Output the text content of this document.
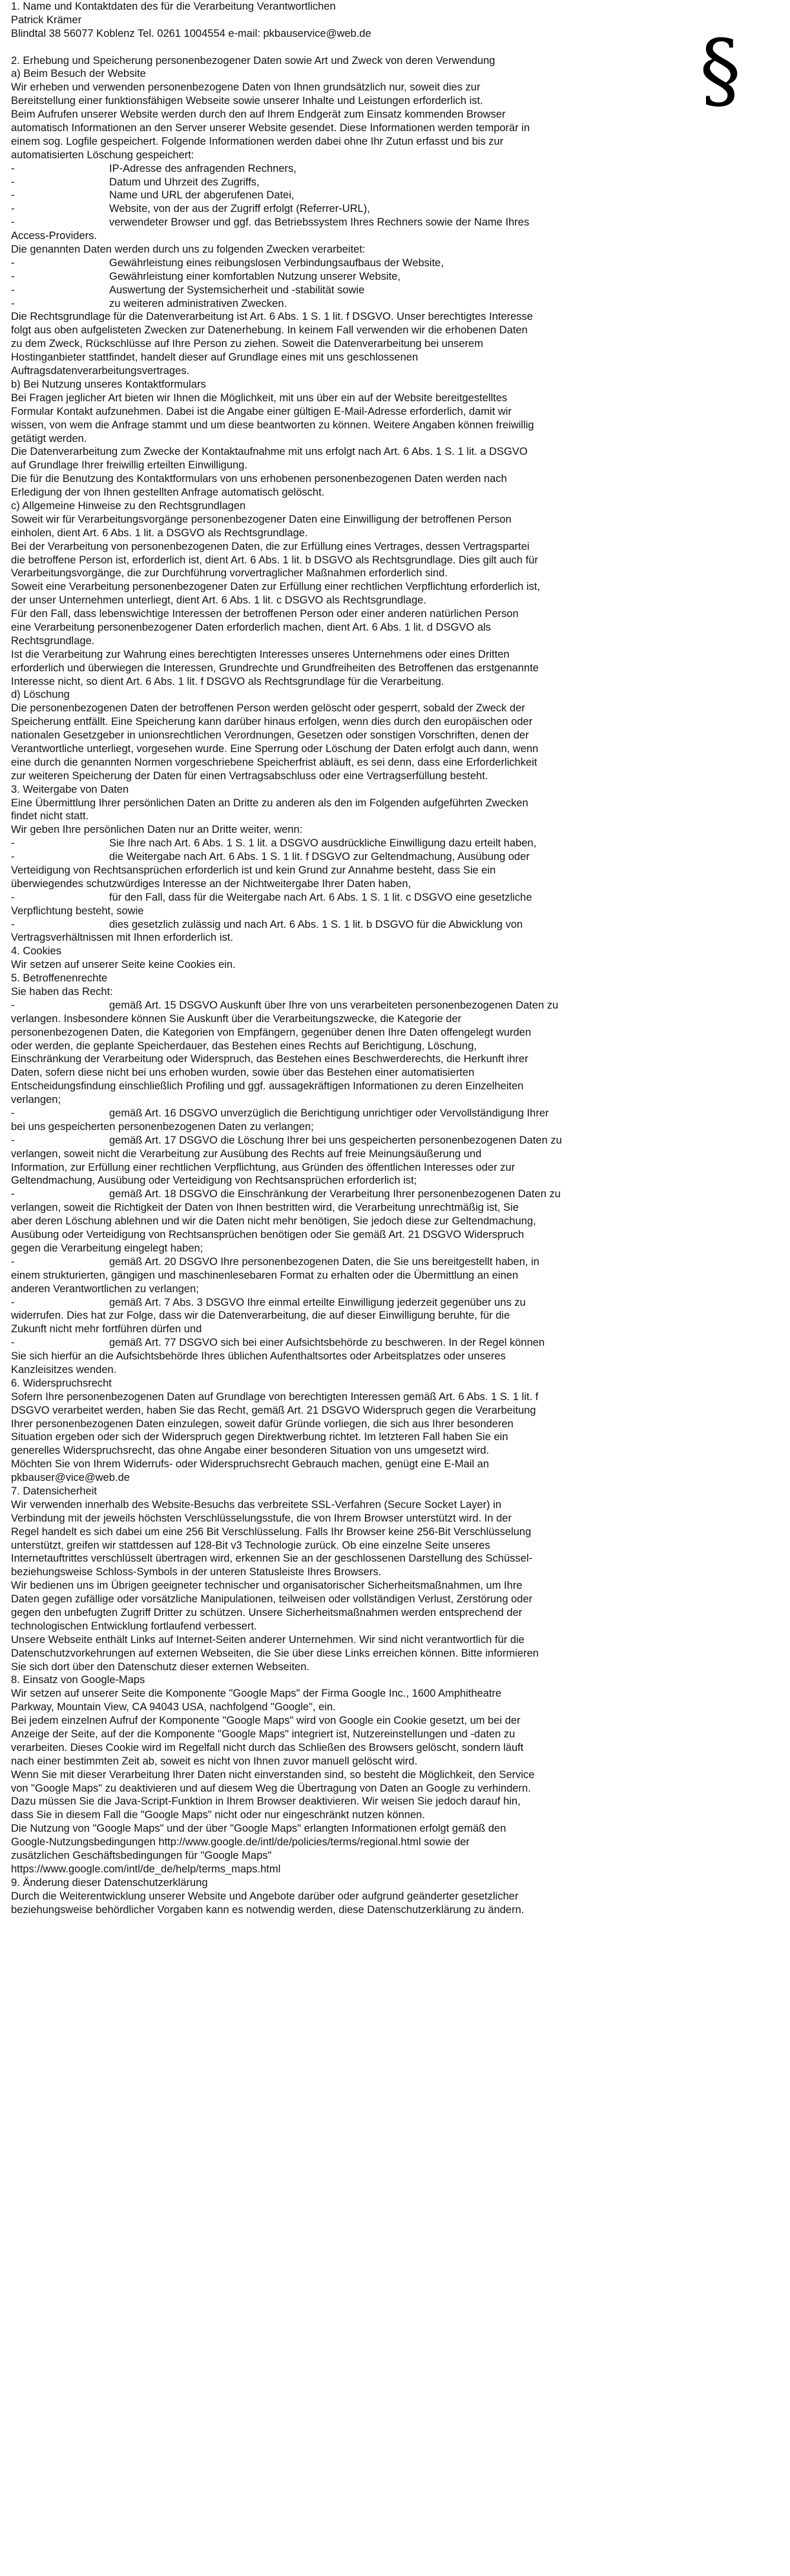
§
1. Name und Kontaktdaten des für die Verarbeitung Verantwortlichen
Patrick Krämer
Blindtal 38 56077 Koblenz Tel. 0261 1004554 e-mail: pkbauservice@web.de
2. Erhebung und Speicherung personenbezogener Daten sowie Art und Zweck von deren Verwendung
a) Beim Besuch der Website
Wir erheben und verwenden personenbezogene Daten von Ihnen grundsätzlich nur, soweit dies zur
Bereitstellung einer funktionsfähigen Webseite sowie unserer Inhalte und Leistungen erforderlich ist.
Beim Aufrufen unserer Website werden durch den auf Ihrem Endgerät zum Einsatz kommenden Browser
automatisch Informationen an den Server unserer Website gesendet. Diese Informationen werden temporär in
einem sog. Logfile gespeichert. Folgende Informationen werden dabei ohne Ihr Zutun erfasst und bis zur
automatisierten Löschung gespeichert:
-	IP-Adresse des anfragenden Rechners,
-	Datum und Uhrzeit des Zugriffs,
-	Name und URL der abgerufenen Datei,
-	Website, von der aus der Zugriff erfolgt (Referrer-URL),
-	verwendeter Browser und ggf. das Betriebssystem Ihres Rechners sowie der Name Ihres
Access-Providers.
Die genannten Daten werden durch uns zu folgenden Zwecken verarbeitet:
-	Gewährleistung eines reibungslosen Verbindungsaufbaus der Website,
-	Gewährleistung einer komfortablen Nutzung unserer Website,
-	Auswertung der Systemsicherheit und -stabilität sowie
-	zu weiteren administrativen Zwecken.
Die Rechtsgrundlage für die Datenverarbeitung ist Art. 6 Abs. 1 S. 1 lit. f DSGVO. Unser berechtigtes Interesse
folgt aus oben aufgelisteten Zwecken zur Datenerhebung. In keinem Fall verwenden wir die erhobenen Daten
zu dem Zweck, Rückschlüsse auf Ihre Person zu ziehen. Soweit die Datenverarbeitung bei unserem
Hostinganbieter stattfindet, handelt dieser auf Grundlage eines mit uns geschlossenen
Auftragsdatenverarbeitungsvertrages.
b) Bei Nutzung unseres Kontaktformulars
Bei Fragen jeglicher Art bieten wir Ihnen die Möglichkeit, mit uns über ein auf der Website bereitgestelltes
Formular Kontakt aufzunehmen. Dabei ist die Angabe einer gültigen E-Mail-Adresse erforderlich, damit wir
wissen, von wem die Anfrage stammt und um diese beantworten zu können. Weitere Angaben können freiwillig
getätigt werden.
Die Datenverarbeitung zum Zwecke der Kontaktaufnahme mit uns erfolgt nach Art. 6 Abs. 1 S. 1 lit. a DSGVO
auf Grundlage Ihrer freiwillig erteilten Einwilligung.
Die für die Benutzung des Kontaktformulars von uns erhobenen personenbezogenen Daten werden nach
Erledigung der von Ihnen gestellten Anfrage automatisch gelöscht.
c) Allgemeine Hinweise zu den Rechtsgrundlagen
Soweit wir für Verarbeitungsvorgänge personenbezogener Daten eine Einwilligung der betroffenen Person
einholen, dient Art. 6 Abs. 1 lit. a DSGVO als Rechtsgrundlage.
Bei der Verarbeitung von personenbezogenen Daten, die zur Erfüllung eines Vertrages, dessen Vertragspartei
die betroffene Person ist, erforderlich ist, dient Art. 6 Abs. 1 lit. b DSGVO als Rechtsgrundlage. Dies gilt auch für
Verarbeitungsvorgänge, die zur Durchführung vorvertraglicher Maßnahmen erforderlich sind.
Soweit eine Verarbeitung personenbezogener Daten zur Erfüllung einer rechtlichen Verpflichtung erforderlich ist,
der unser Unternehmen unterliegt, dient Art. 6 Abs. 1 lit. c DSGVO als Rechtsgrundlage.
Für den Fall, dass lebenswichtige Interessen der betroffenen Person oder einer anderen natürlichen Person
eine Verarbeitung personenbezogener Daten erforderlich machen, dient Art. 6 Abs. 1 lit. d DSGVO als
Rechtsgrundlage.
Ist die Verarbeitung zur Wahrung eines berechtigten Interesses unseres Unternehmens oder eines Dritten
erforderlich und überwiegen die Interessen, Grundrechte und Grundfreiheiten des Betroffenen das erstgenannte
Interesse nicht, so dient Art. 6 Abs. 1 lit. f DSGVO als Rechtsgrundlage für die Verarbeitung.
d) Löschung
Die personenbezogenen Daten der betroffenen Person werden gelöscht oder gesperrt, sobald der Zweck der
Speicherung entfällt. Eine Speicherung kann darüber hinaus erfolgen, wenn dies durch den europäischen oder
nationalen Gesetzgeber in unionsrechtlichen Verordnungen, Gesetzen oder sonstigen Vorschriften, denen der
Verantwortliche unterliegt, vorgesehen wurde. Eine Sperrung oder Löschung der Daten erfolgt auch dann, wenn
eine durch die genannten Normen vorgeschriebene Speicherfrist abläuft, es sei denn, dass eine Erforderlichkeit
zur weiteren Speicherung der Daten für einen Vertragsabschluss oder eine Vertragserfüllung besteht.
3. Weitergabe von Daten
Eine Übermittlung Ihrer persönlichen Daten an Dritte zu anderen als den im Folgenden aufgeführten Zwecken
findet nicht statt.
Wir geben Ihre persönlichen Daten nur an Dritte weiter, wenn:
-	Sie Ihre nach Art. 6 Abs. 1 S. 1 lit. a DSGVO ausdrückliche Einwilligung dazu erteilt haben,
-	die Weitergabe nach Art. 6 Abs. 1 S. 1 lit. f DSGVO zur Geltendmachung, Ausübung oder
Verteidigung von Rechtsansprüchen erforderlich ist und kein Grund zur Annahme besteht, dass Sie ein
überwiegendes schutzwürdiges Interesse an der Nichtweitergabe Ihrer Daten haben,
-	für den Fall, dass für die Weitergabe nach Art. 6 Abs. 1 S. 1 lit. c DSGVO eine gesetzliche
Verpflichtung besteht, sowie
-	dies gesetzlich zulässig und nach Art. 6 Abs. 1 S. 1 lit. b DSGVO für die Abwicklung von
Vertragsverhältnissen mit Ihnen erforderlich ist.
4. Cookies
Wir setzen auf unserer Seite keine Cookies ein.
5. Betroffenenrechte
Sie haben das Recht:
-	gemäß Art. 15 DSGVO Auskunft über Ihre von uns verarbeiteten personenbezogenen Daten zu
verlangen. Insbesondere können Sie Auskunft über die Verarbeitungszwecke, die Kategorie der
personenbezogenen Daten, die Kategorien von Empfängern, gegenüber denen Ihre Daten offengelegt wurden
oder werden, die geplante Speicherdauer, das Bestehen eines Rechts auf Berichtigung, Löschung,
Einschränkung der Verarbeitung oder Widerspruch, das Bestehen eines Beschwerderechts, die Herkunft ihrer
Daten, sofern diese nicht bei uns erhoben wurden, sowie über das Bestehen einer automatisierten
Entscheidungsfindung einschließlich Profiling und ggf. aussagekräftigen Informationen zu deren Einzelheiten
verlangen;
-	gemäß Art. 16 DSGVO unverzüglich die Berichtigung unrichtiger oder Vervollständigung Ihrer
bei uns gespeicherten personenbezogenen Daten zu verlangen;
-	gemäß Art. 17 DSGVO die Löschung Ihrer bei uns gespeicherten personenbezogenen Daten zu
verlangen, soweit nicht die Verarbeitung zur Ausübung des Rechts auf freie Meinungsäußerung und
Information, zur Erfüllung einer rechtlichen Verpflichtung, aus Gründen des öffentlichen Interesses oder zur
Geltendmachung, Ausübung oder Verteidigung von Rechtsansprüchen erforderlich ist;
-	gemäß Art. 18 DSGVO die Einschränkung der Verarbeitung Ihrer personenbezogenen Daten zu
verlangen, soweit die Richtigkeit der Daten von Ihnen bestritten wird, die Verarbeitung unrechtmäßig ist, Sie
aber deren Löschung ablehnen und wir die Daten nicht mehr benötigen, Sie jedoch diese zur Geltendmachung,
Ausübung oder Verteidigung von Rechtsansprüchen benötigen oder Sie gemäß Art. 21 DSGVO Widerspruch
gegen die Verarbeitung eingelegt haben;
-	gemäß Art. 20 DSGVO Ihre personenbezogenen Daten, die Sie uns bereitgestellt haben, in
einem strukturierten, gängigen und maschinenlesebaren Format zu erhalten oder die Übermittlung an einen
anderen Verantwortlichen zu verlangen;
-	gemäß Art. 7 Abs. 3 DSGVO Ihre einmal erteilte Einwilligung jederzeit gegenüber uns zu
widerrufen. Dies hat zur Folge, dass wir die Datenverarbeitung, die auf dieser Einwilligung beruhte, für die
Zukunft nicht mehr fortführen dürfen und
-	gemäß Art. 77 DSGVO sich bei einer Aufsichtsbehörde zu beschweren. In der Regel können
Sie sich hierfür an die Aufsichtsbehörde Ihres üblichen Aufenthaltsortes oder Arbeitsplatzes oder unseres
Kanzleisitzes wenden.
6. Widerspruchsrecht
Sofern Ihre personenbezogenen Daten auf Grundlage von berechtigten Interessen gemäß Art. 6 Abs. 1 S. 1 lit. f
DSGVO verarbeitet werden, haben Sie das Recht, gemäß Art. 21 DSGVO Widerspruch gegen die Verarbeitung
Ihrer personenbezogenen Daten einzulegen, soweit dafür Gründe vorliegen, die sich aus Ihrer besonderen
Situation ergeben oder sich der Widerspruch gegen Direktwerbung richtet. Im letzteren Fall haben Sie ein
generelles Widerspruchsrecht, das ohne Angabe einer besonderen Situation von uns umgesetzt wird.
Möchten Sie von Ihrem Widerrufs- oder Widerspruchsrecht Gebrauch machen, genügt eine E-Mail an
pkbauser@vice@web.de
7. Datensicherheit
Wir verwenden innerhalb des Website-Besuchs das verbreitete SSL-Verfahren (Secure Socket Layer) in
Verbindung mit der jeweils höchsten Verschlüsselungsstufe, die von Ihrem Browser unterstützt wird. In der
Regel handelt es sich dabei um eine 256 Bit Verschlüsselung. Falls Ihr Browser keine 256-Bit Verschlüsselung
unterstützt, greifen wir stattdessen auf 128-Bit v3 Technologie zurück. Ob eine einzelne Seite unseres
Internetauftrittes verschlüsselt übertragen wird, erkennen Sie an der geschlossenen Darstellung des Schüssel-
beziehungsweise Schloss-Symbols in der unteren Statusleiste Ihres Browsers.
Wir bedienen uns im Übrigen geeigneter technischer und organisatorischer Sicherheitsmaßnahmen, um Ihre
Daten gegen zufällige oder vorsätzliche Manipulationen, teilweisen oder vollständigen Verlust, Zerstörung oder
gegen den unbefugten Zugriff Dritter zu schützen. Unsere Sicherheitsmaßnahmen werden entsprechend der
technologischen Entwicklung fortlaufend verbessert.
Unsere Webseite enthält Links auf Internet-Seiten anderer Unternehmen. Wir sind nicht verantwortlich für die
Datenschutzvorkehrungen auf externen Webseiten, die Sie über diese Links erreichen können. Bitte informieren
Sie sich dort über den Datenschutz dieser externen Webseiten.
8. Einsatz von Google-Maps
Wir setzen auf unserer Seite die Komponente "Google Maps" der Firma Google Inc., 1600 Amphitheatre
Parkway, Mountain View, CA 94043 USA, nachfolgend "Google", ein.
Bei jedem einzelnen Aufruf der Komponente "Google Maps" wird von Google ein Cookie gesetzt, um bei der
Anzeige der Seite, auf der die Komponente "Google Maps" integriert ist, Nutzereinstellungen und -daten zu
verarbeiten. Dieses Cookie wird im Regelfall nicht durch das Schließen des Browsers gelöscht, sondern läuft
nach einer bestimmten Zeit ab, soweit es nicht von Ihnen zuvor manuell gelöscht wird.
Wenn Sie mit dieser Verarbeitung Ihrer Daten nicht einverstanden sind, so besteht die Möglichkeit, den Service
von "Google Maps" zu deaktivieren und auf diesem Weg die Übertragung von Daten an Google zu verhindern.
Dazu müssen Sie die Java-Script-Funktion in Ihrem Browser deaktivieren. Wir weisen Sie jedoch darauf hin,
dass Sie in diesem Fall die "Google Maps" nicht oder nur eingeschränkt nutzen können.
Die Nutzung von "Google Maps" und der über "Google Maps" erlangten Informationen erfolgt gemäß den
Google-Nutzungsbedingungen http://www.google.de/intl/de/policies/terms/regional.html sowie der
zusätzlichen Geschäftsbedingungen für "Google Maps"
https://www.google.com/intl/de_de/help/terms_maps.html
9. Änderung dieser Datenschutzerklärung
Durch die Weiterentwicklung unserer Website und Angebote darüber oder aufgrund geänderter gesetzlicher
beziehungsweise behördlicher Vorgaben kann es notwendig werden, diese Datenschutzerklärung zu ändern.
